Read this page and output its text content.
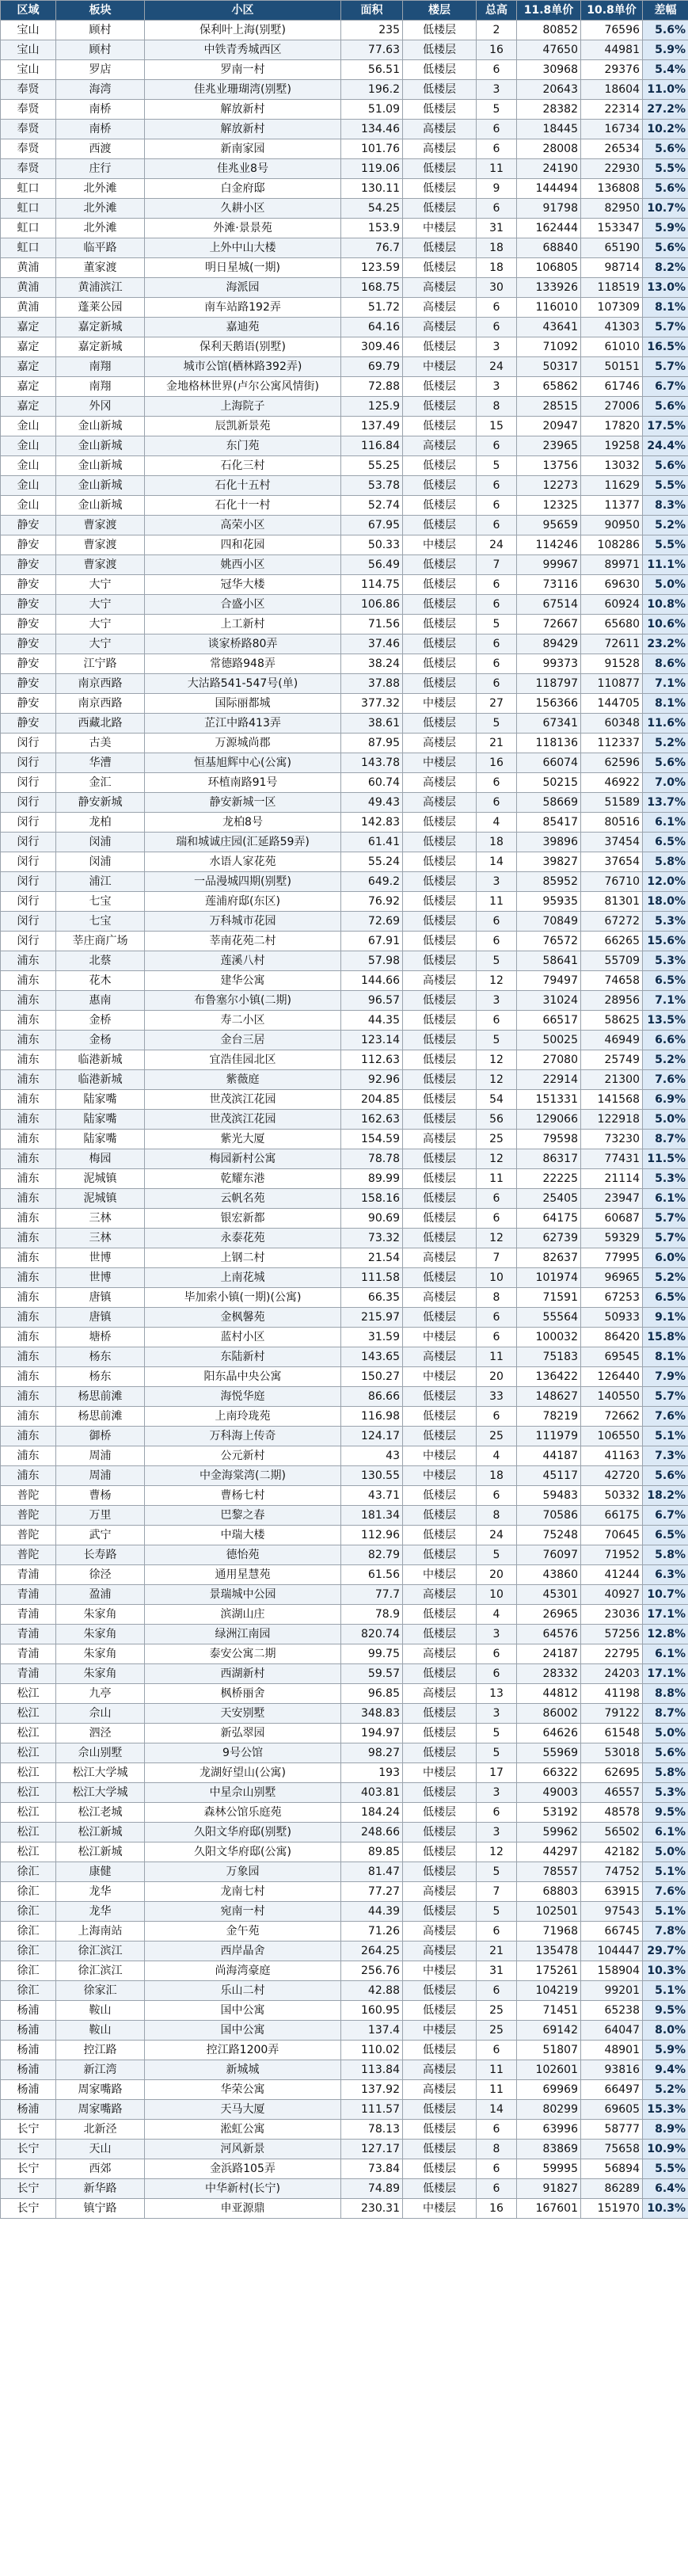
区域	板块	小区	面积	楼层	总高	11.8单价	10.8单价	差幅
宝山	顾村	保利叶上海(别墅)	235	低楼层	2	80852	76596	5.6%
宝山	顾村	中铁青秀城西区	77.63	低楼层	16	47650	44981	5.9%
宝山	罗店	罗南一村	56.51	低楼层	6	30968	29376	5.4%
奉贤	海湾	佳兆业珊瑚湾(别墅)	196.2	低楼层	3	20643	18604	11.0%
奉贤	南桥	解放新村	51.09	低楼层	5	28382	22314	27.2%
奉贤	南桥	解放新村	134.46	高楼层	6	18445	16734	10.2%
奉贤	西渡	新南家园	101.76	高楼层	6	28008	26534	5.6%
奉贤	庄行	佳兆业8号	119.06	低楼层	11	24190	22930	5.5%
虹口	北外滩	白金府邸	130.11	低楼层	9	144494	136808	5.6%
虹口	北外滩	久耕小区	54.25	低楼层	6	91798	82950	10.7%
虹口	北外滩	外滩·景景苑	153.9	中楼层	31	162444	153347	5.9%
虹口	临平路	上外中山大楼	76.7	低楼层	18	68840	65190	5.6%
黄浦	董家渡	明日星城(一期)	123.59	低楼层	18	106805	98714	8.2%
黄浦	黄浦滨江	海派园	168.75	高楼层	30	133926	118519	13.0%
黄浦	蓬莱公园	南车站路192弄	51.72	高楼层	6	116010	107309	8.1%
嘉定	嘉定新城	嘉迪苑	64.16	高楼层	6	43641	41303	5.7%
嘉定	嘉定新城	保利天鹅语(别墅)	309.46	低楼层	3	71092	61010	16.5%
嘉定	南翔	城市公馆(栖林路392弄)	69.79	中楼层	24	50317	50151	5.7%
嘉定	南翔	金地格林世界(卢尔公寓风情街)	72.88	低楼层	3	65862	61746	6.7%
嘉定	外冈	上海院子	125.9	低楼层	8	28515	27006	5.6%
金山	金山新城	辰凯新景苑	137.49	低楼层	15	20947	17820	17.5%
金山	金山新城	东门苑	116.84	高楼层	6	23965	19258	24.4%
金山	金山新城	石化三村	55.25	低楼层	5	13756	13032	5.6%
金山	金山新城	石化十五村	53.78	低楼层	6	12273	11629	5.5%
金山	金山新城	石化十一村	52.74	低楼层	6	12325	11377	8.3%
静安	曹家渡	高荣小区	67.95	低楼层	6	95659	90950	5.2%
静安	曹家渡	四和花园	50.33	中楼层	24	114246	108286	5.5%
静安	曹家渡	姚西小区	56.49	低楼层	7	99967	89971	11.1%
静安	大宁	冠华大楼	114.75	低楼层	6	73116	69630	5.0%
静安	大宁	合盛小区	106.86	低楼层	6	67514	60924	10.8%
静安	大宁	上工新村	71.56	低楼层	5	72667	65680	10.6%
静安	大宁	谈家桥路80弄	37.46	低楼层	6	89429	72611	23.2%
静安	江宁路	常德路948弄	38.24	低楼层	6	99373	91528	8.6%
静安	南京西路	大沽路541-547号(单)	37.88	低楼层	6	118797	110877	7.1%
静安	南京西路	国际丽都城	377.32	中楼层	27	156366	144705	8.1%
静安	西藏北路	芷江中路413弄	38.61	低楼层	5	67341	60348	11.6%
闵行	古美	万源城尚郡	87.95	高楼层	21	118136	112337	5.2%
闵行	华漕	恒基旭辉中心(公寓)	143.78	中楼层	16	66074	62596	5.6%
闵行	金汇	环植南路91号	60.74	高楼层	6	50215	46922	7.0%
闵行	静安新城	静安新城一区	49.43	高楼层	6	58669	51589	13.7%
闵行	龙柏	龙柏8号	142.83	低楼层	4	85417	80516	6.1%
闵行	闵浦	瑞和城诚庄园(汇延路59弄)	61.41	低楼层	18	39896	37454	6.5%
闵行	闵浦	水语人家花苑	55.24	低楼层	14	39827	37654	5.8%
闵行	浦江	一品漫城四期(别墅)	649.2	低楼层	3	85952	76710	12.0%
闵行	七宝	莲浦府邸(东区)	76.92	低楼层	11	95935	81301	18.0%
闵行	七宝	万科城市花园	72.69	低楼层	6	70849	67272	5.3%
闵行	莘庄商广场	莘南花苑二村	67.91	低楼层	6	76572	66265	15.6%
浦东	北蔡	莲溪八村	57.98	低楼层	5	58641	55709	5.3%
浦东	花木	建华公寓	144.66	高楼层	12	79497	74658	6.5%
浦东	惠南	布鲁塞尔小镇(二期)	96.57	低楼层	3	31024	28956	7.1%
浦东	金桥	寿二小区	44.35	低楼层	6	66517	58625	13.5%
浦东	金杨	金台三居	123.14	低楼层	5	50025	46949	6.6%
浦东	临港新城	宜浩佳园北区	112.63	低楼层	12	27080	25749	5.2%
浦东	临港新城	紫薇庭	92.96	低楼层	12	22914	21300	7.6%
浦东	陆家嘴	世茂滨江花园	204.85	低楼层	54	151331	141568	6.9%
浦东	陆家嘴	世茂滨江花园	162.63	低楼层	56	129066	122918	5.0%
浦东	陆家嘴	紫光大厦	154.59	高楼层	25	79598	73230	8.7%
浦东	梅园	梅园新村公寓	78.78	低楼层	12	86317	77431	11.5%
浦东	泥城镇	乾耀东港	89.99	低楼层	11	22225	21114	5.3%
浦东	泥城镇	云帆名苑	158.16	低楼层	6	25405	23947	6.1%
浦东	三林	银宏新都	90.69	低楼层	6	64175	60687	5.7%
浦东	三林	永泰花苑	73.32	低楼层	12	62739	59329	5.7%
浦东	世博	上钢二村	21.54	高楼层	7	82637	77995	6.0%
浦东	世博	上南花城	111.58	低楼层	10	101974	96965	5.2%
浦东	唐镇	毕加索小镇(一期)(公寓)	66.35	高楼层	8	71591	67253	6.5%
浦东	唐镇	金枫馨苑	215.97	低楼层	6	55564	50933	9.1%
浦东	塘桥	蓝村小区	31.59	中楼层	6	100032	86420	15.8%
浦东	杨东	东陆新村	143.65	高楼层	11	75183	69545	8.1%
浦东	杨东	阳东晶中央公寓	150.27	中楼层	20	136422	126440	7.9%
浦东	杨思前滩	海悦华庭	86.66	低楼层	33	148627	140550	5.7%
浦东	杨思前滩	上南玲珑苑	116.98	低楼层	6	78219	72662	7.6%
浦东	御桥	万科海上传奇	124.17	低楼层	25	111979	106550	5.1%
浦东	周浦	公元新村	43	中楼层	4	44187	41163	7.3%
浦东	周浦	中金海棠湾(二期)	130.55	中楼层	18	45117	42720	5.6%
普陀	曹杨	曹杨七村	43.71	低楼层	6	59483	50332	18.2%
普陀	万里	巴黎之春	181.34	低楼层	8	70586	66175	6.7%
普陀	武宁	中瑞大楼	112.96	低楼层	24	75248	70645	6.5%
普陀	长寿路	德怡苑	82.79	低楼层	5	76097	71952	5.8%
青浦	徐泾	通用星慧苑	61.56	中楼层	20	43860	41244	6.3%
青浦	盈浦	景瑞城中公园	77.7	高楼层	10	45301	40927	10.7%
青浦	朱家角	滨湖山庄	78.9	低楼层	4	26965	23036	17.1%
青浦	朱家角	绿洲江南园	820.74	低楼层	3	64576	57256	12.8%
青浦	朱家角	泰安公寓二期	99.75	高楼层	6	24187	22795	6.1%
青浦	朱家角	西湖新村	59.57	低楼层	6	28332	24203	17.1%
松江	九亭	枫桥丽舍	96.85	高楼层	13	44812	41198	8.8%
松江	佘山	天安别墅	348.83	低楼层	3	86002	79122	8.7%
松江	泗泾	新弘翠园	194.97	低楼层	5	64626	61548	5.0%
松江	佘山别墅	9号公馆	98.27	低楼层	5	55969	53018	5.6%
松江	松江大学城	龙湖好望山(公寓)	193	中楼层	17	66322	62695	5.8%
松江	松江大学城	中星佘山别墅	403.81	低楼层	3	49003	46557	5.3%
松江	松江老城	森林公馆乐庭苑	184.24	低楼层	6	53192	48578	9.5%
松江	松江新城	久阳文华府邸(别墅)	248.66	低楼层	3	59962	56502	6.1%
松江	松江新城	久阳文华府邸(公寓)	89.85	低楼层	12	44297	42182	5.0%
徐汇	康健	万象园	81.47	低楼层	5	78557	74752	5.1%
徐汇	龙华	龙南七村	77.27	高楼层	7	68803	63915	7.6%
徐汇	龙华	宛南一村	44.39	低楼层	5	102501	97543	5.1%
徐汇	上海南站	金午苑	71.26	高楼层	6	71968	66745	7.8%
徐汇	徐汇滨江	西岸晶舍	264.25	高楼层	21	135478	104447	29.7%
徐汇	徐汇滨江	尚海湾豪庭	256.76	中楼层	31	175261	158904	10.3%
徐汇	徐家汇	乐山二村	42.88	低楼层	6	104219	99201	5.1%
杨浦	鞍山	国中公寓	160.95	低楼层	25	71451	65238	9.5%
杨浦	鞍山	国中公寓	137.4	中楼层	25	69142	64047	8.0%
杨浦	控江路	控江路1200弄	110.02	低楼层	6	51807	48901	5.9%
杨浦	新江湾	新城城	113.84	高楼层	11	102601	93816	9.4%
杨浦	周家嘴路	华荣公寓	137.92	高楼层	11	69969	66497	5.2%
杨浦	周家嘴路	天马大厦	111.57	低楼层	14	80299	69605	15.3%
长宁	北新泾	淞虹公寓	78.13	低楼层	6	63996	58777	8.9%
长宁	天山	河风新景	127.17	低楼层	8	83869	75658	10.9%
长宁	西郊	金浜路105弄	73.84	低楼层	6	59995	56894	5.5%
长宁	新华路	中华新村(长宁)	74.89	低楼层	6	91827	86289	6.4%
长宁	镇宁路	申亚源鼎	230.31	中楼层	16	167601	151970	10.3%
